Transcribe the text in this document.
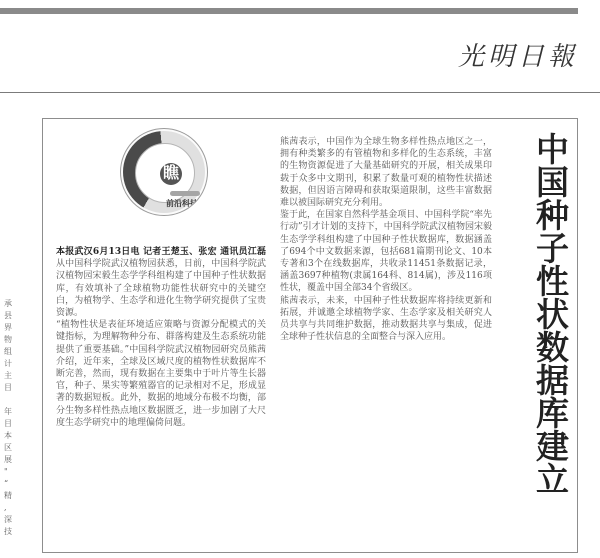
光明日報
承
县
界
物
组
计
主
目

年
目
本
区
展
"
“
精
,
深
技
瞧
前沿科技

本报武汉6月13日电 记者王楚玉、张宏 通讯员江磊从中国科学院武汉植物园获悉，日前，中国科学院武汉植物园宋毅生态学学科组构建了中国种子性状数据库，有效填补了全球植物功能性状研究中的关键空白，为植物学、生态学和进化生物学研究提供了宝贵资源。

“植物性状是表征环境适应策略与资源分配模式的关键指标，为理解物种分布、群落构建及生态系统功能提供了重要基础。”中国科学院武汉植物园研究员熊茜介绍，近年来，全球及区域尺度的植物性状数据库不断完善，然而，现有数据在主要集中于叶片等生长器官，种子、果实等繁殖器官的记录相对不足，形成显著的数据短板。此外，数据的地域分布极不均衡，部分生物多样性热点地区数据匮乏，进一步加剧了大尺度生态学研究中的地理偏倚问题。

熊茜表示，中国作为全球生物多样性热点地区之一，拥有种类繁多的有管植物和多样化的生态系统，丰富的生物资源促进了大量基础研究的开展，相关成果印载于众多中文期刊，积累了数量可观的植物性状描述数据，但因语言障碍和获取渠道限制，这些丰富数据难以被国际研究充分利用。

鉴于此，在国家自然科学基金项目、中国科学院“率先行动”引才计划的支持下，中国科学院武汉植物园宋毅生态学学科组构建了中国种子性状数据库，数据涵盖了694个中文数据来源，包括681篇期刊论文、10本专著和3个在线数据库，共收录11451条数据记录，涵盖3697种植物(隶属164科、814属)，涉及116项性状，覆盖中国全部34个省级区。

熊茜表示，未来，中国种子性状数据库将持续更新和拓展，并诚邀全球植物学家、生态学家及相关研究人员共享与共同维护数据，推动数据共享与集成，促进全球种子性状信息的全面整合与深入应用。	中国种子性状数据库建立
